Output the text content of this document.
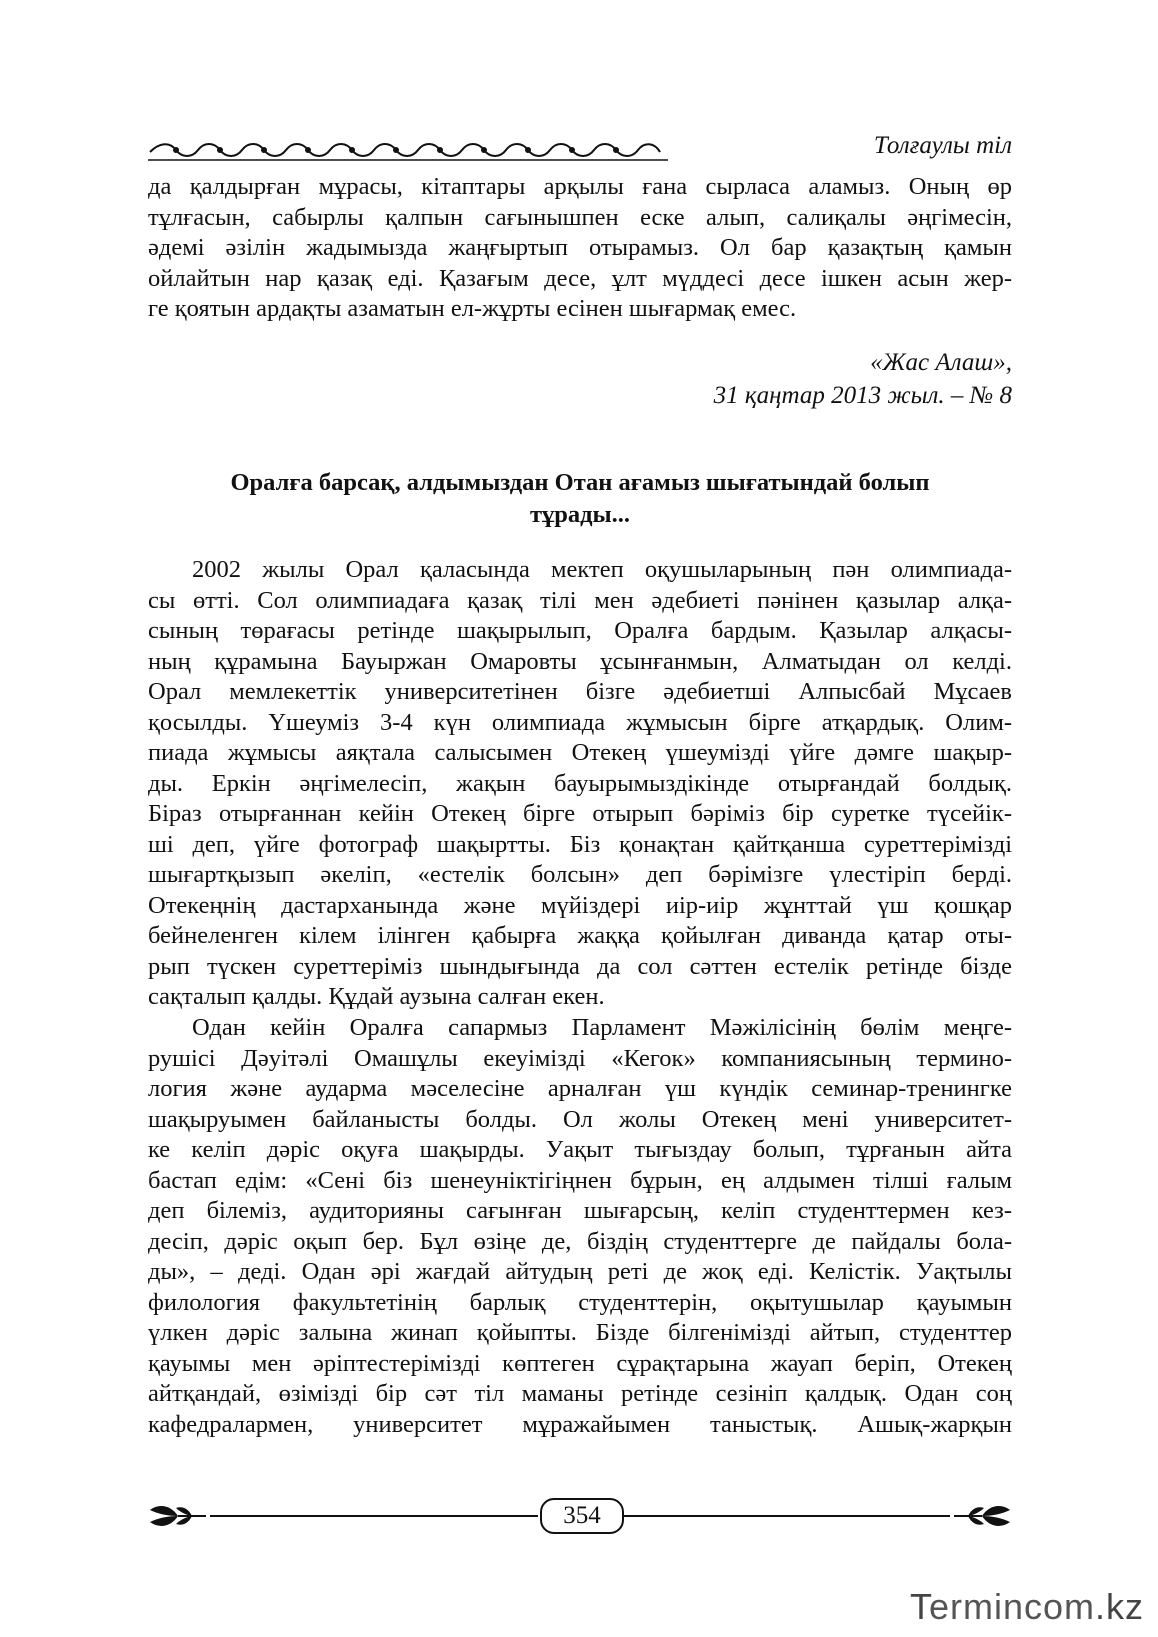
Толғаулы тіл
да қалдырған мұрасы, кітаптары арқылы ғана сырласа аламыз. Оның өр
тұлғасын, сабырлы қалпын сағынышпен еске алып, салиқалы әңгімесін,
әдемі әзілін жадымызда жаңғыртып отырамыз. Ол бар қазақтың қамын
ойлайтын нар қазақ еді. Қазағым десе, ұлт мүддесі десе ішкен асын жер-
ге қоятын ардақты азаматын ел-жұрты есінен шығармақ емес.
«Жас Алаш»,
31 қаңтар 2013 жыл. – № 8
Оралға барсақ, алдымыздан Отан ағамыз шығатындай болып
тұрады...
2002 жылы Орал қаласында мектеп оқушыларының пән олимпиада-
сы өтті. Сол олимпиадаға қазақ тілі мен әдебиеті пәнінен қазылар алқа-
сының төрағасы ретінде шақырылып, Оралға бардым. Қазылар алқасы-
ның құрамына Бауыржан Омаровты ұсынғанмын, Алматыдан ол келді.
Орал мемлекеттік университетінен бізге әдебиетші Алпысбай Мұсаев
қосылды. Үшеуміз 3-4 күн олимпиада жұмысын бірге атқардық. Олим-
пиада жұмысы аяқтала салысымен Отекең үшеумізді үйге дәмге шақыр-
ды. Еркін әңгімелесіп, жақын бауырымыздікінде отырғандай болдық.
Біраз отырғаннан кейін Отекең бірге отырып бәріміз бір суретке түсейік-
ші деп, үйге фотограф шақыртты. Біз қонақтан қайтқанша суреттерімізді
шығартқызып әкеліп, «естелік болсын» деп бәрімізге үлестіріп берді.
Отекеңнің дастарханында және мүйіздері иір-иір жұнттай үш қошқар
бейнеленген кілем ілінген қабырға жаққа қойылған диванда қатар оты-
рып түскен суреттеріміз шындығында да сол сәттен естелік ретінде бізде
сақталып қалды. Құдай аузына салған екен.
Одан кейін Оралға сапармыз Парламент Мәжілісінің бөлім меңге-
рушісі Дәуітәлі Омашұлы екеуімізді «Кегок» компаниясының термино-
логия және аударма мәселесіне арналған үш күндік семинар-тренингке
шақыруымен байланысты болды. Ол жолы Отекең мені университет-
ке келіп дәріс оқуға шақырды. Уақыт тығыздау болып, тұрғанын айта
бастап едім: «Сені біз шенеуніктігіңнен бұрын, ең алдымен тілші ғалым
деп білеміз, аудиторияны сағынған шығарсың, келіп студенттермен кез-
десіп, дәріс оқып бер. Бұл өзіңе де, біздің студенттерге де пайдалы бола-
ды», – деді. Одан әрі жағдай айтудың реті де жоқ еді. Келістік. Уақтылы
филология факультетінің барлық студенттерін, оқытушылар қауымын
үлкен дәріс залына жинап қойыпты. Бізде білгенімізді айтып, студенттер
қауымы мен әріптестерімізді көптеген сұрақтарына жауап беріп, Отекең
айтқандай, өзімізді бір сәт тіл маманы ретінде сезініп қалдық. Одан соң
кафедралармен, университет мұражайымен таныстық. Ашық-жарқын
354
Termincom.kz
